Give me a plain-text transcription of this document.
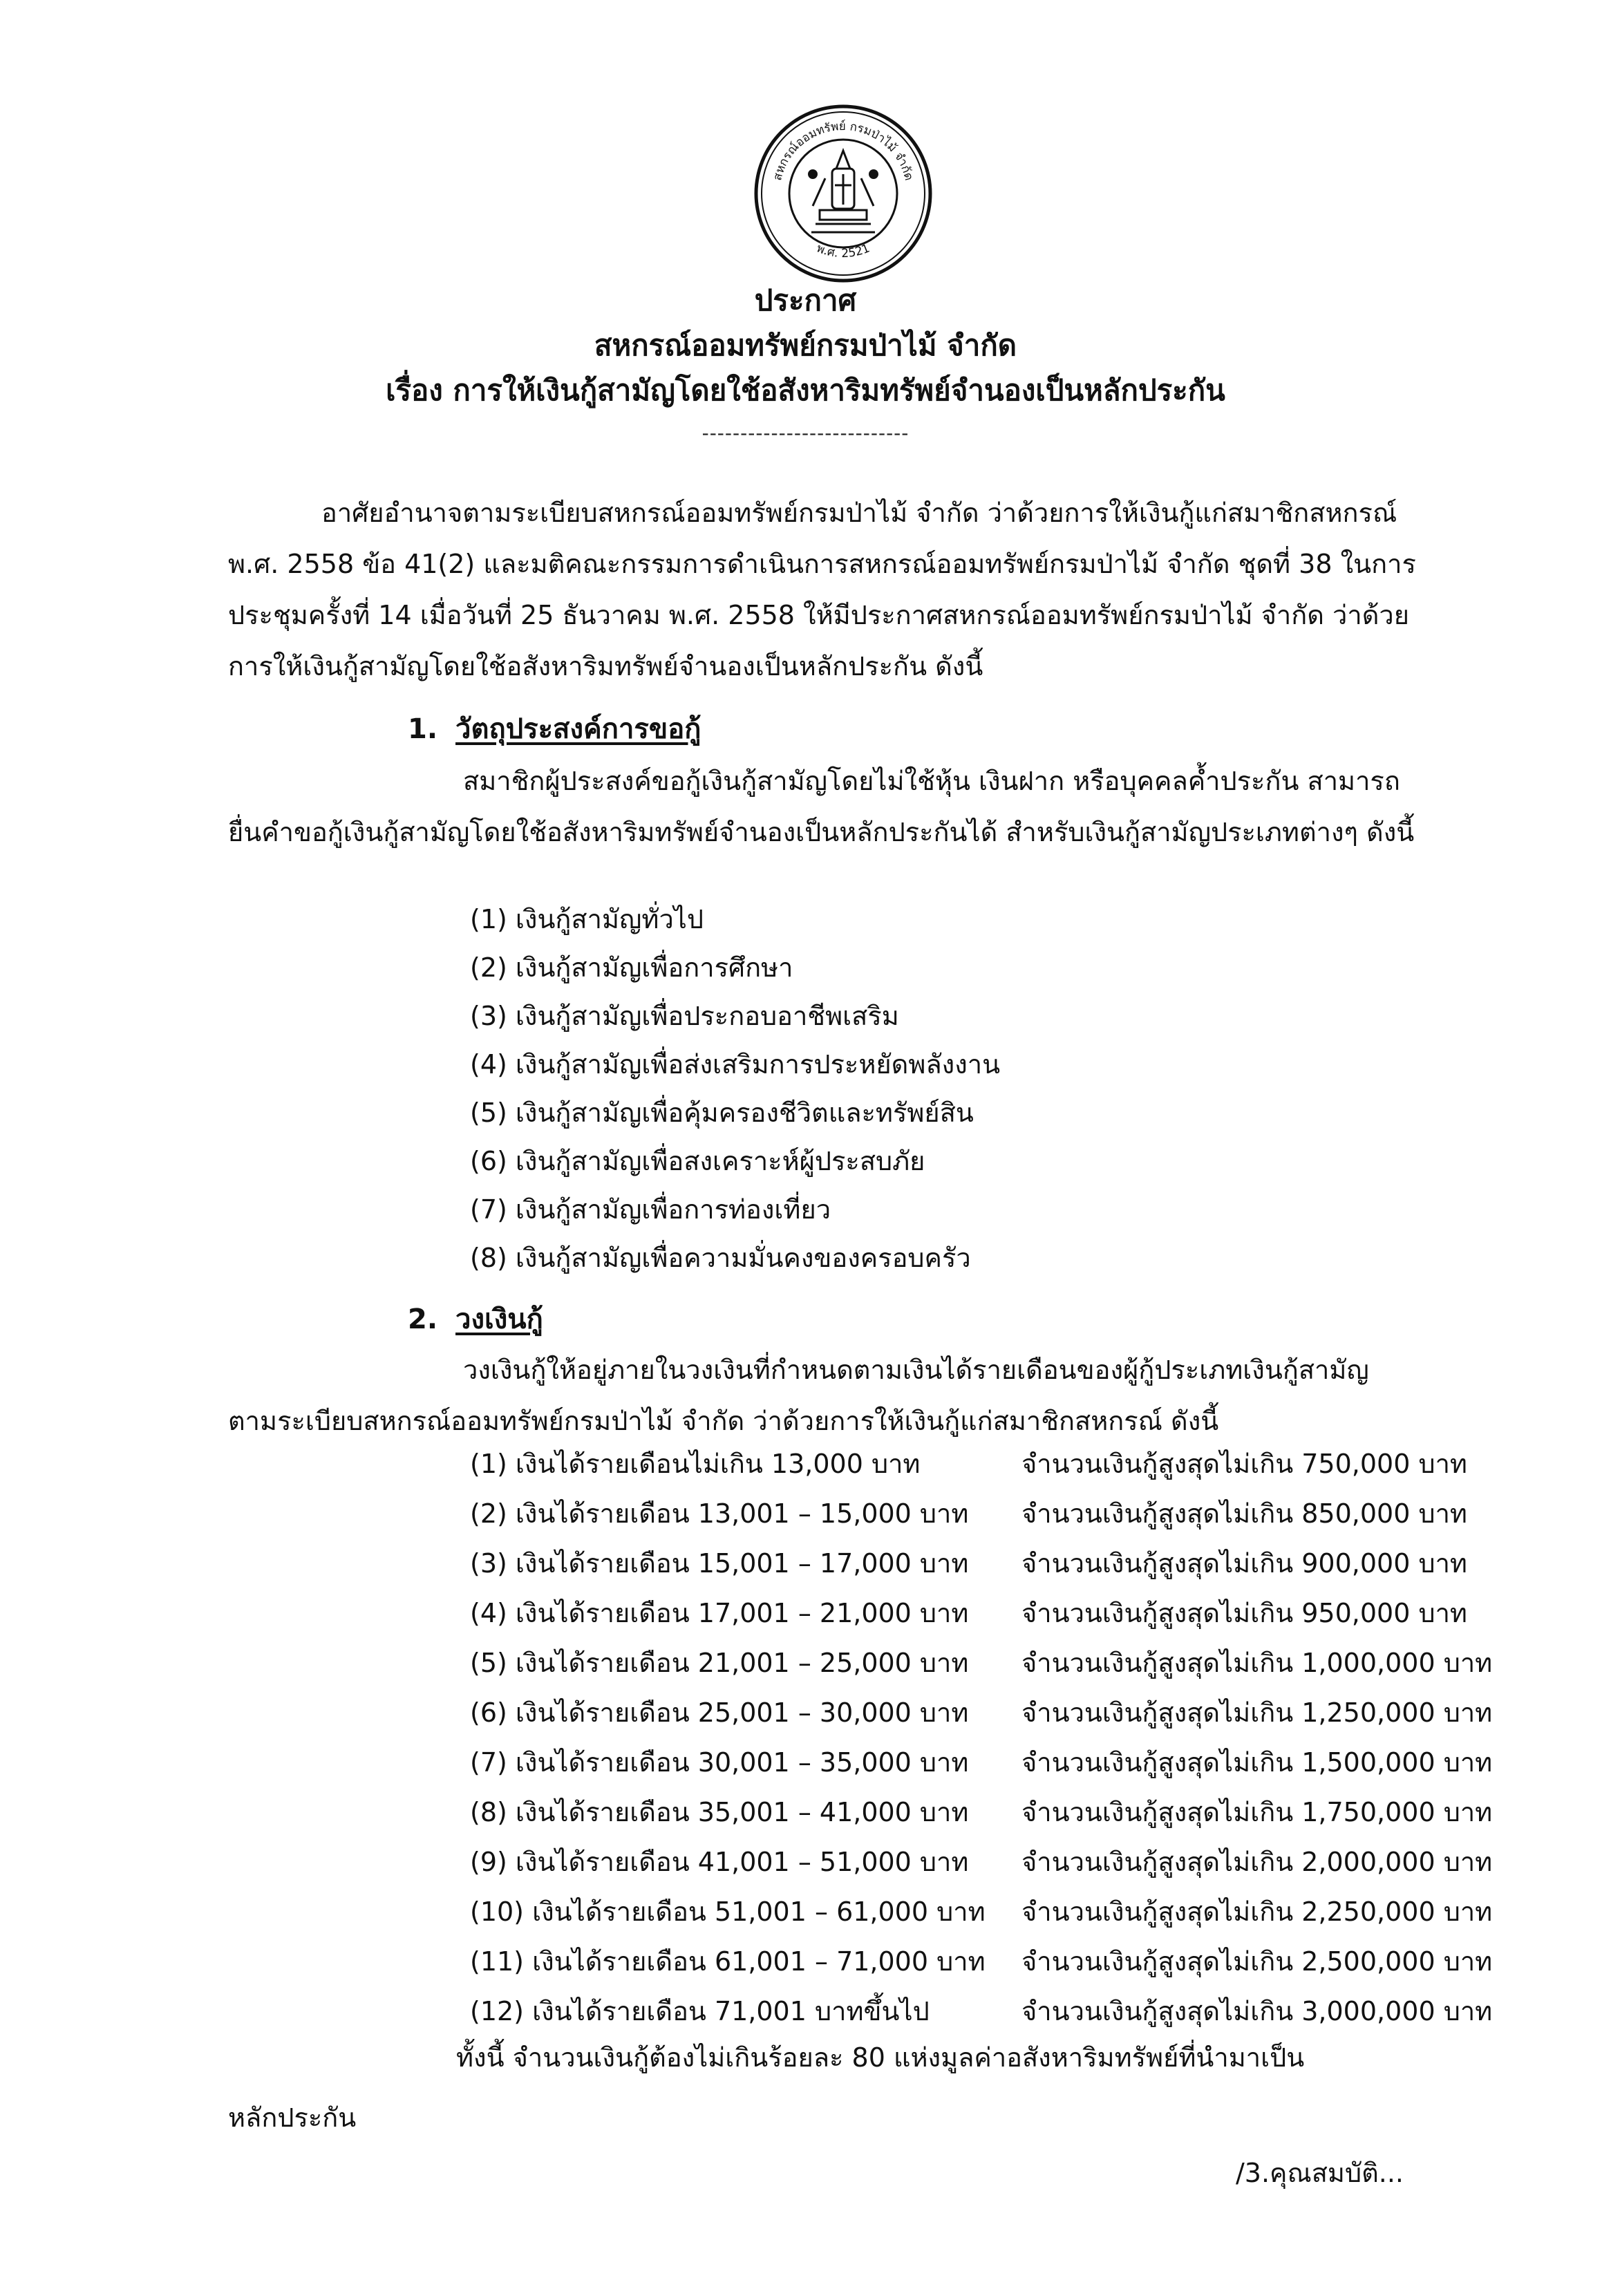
สหกรณ์ออมทรัพย์ กรมป่าไม้ จำกัด
พ.ศ. 2521
ประกาศ
สหกรณ์ออมทรัพย์กรมป่าไม้ จำกัด
เรื่อง การให้เงินกู้สามัญโดยใช้อสังหาริมทรัพย์จำนองเป็นหลักประกัน
---------------------------
อาศัยอำนาจตามระเบียบสหกรณ์ออมทรัพย์กรมป่าไม้ จำกัด ว่าด้วยการให้เงินกู้แก่สมาชิกสหกรณ์ พ.ศ. 2558 ข้อ 41(2) และมติคณะกรรมการดำเนินการสหกรณ์ออมทรัพย์กรมป่าไม้ จำกัด ชุดที่ 38 ในการประชุมครั้งที่ 14 เมื่อวันที่ 25 ธันวาคม พ.ศ. 2558 ให้มีประกาศสหกรณ์ออมทรัพย์กรมป่าไม้ จำกัด ว่าด้วยการให้เงินกู้สามัญโดยใช้อสังหาริมทรัพย์จำนองเป็นหลักประกัน ดังนี้
1. วัตถุประสงค์การขอกู้
สมาชิกผู้ประสงค์ขอกู้เงินกู้สามัญโดยไม่ใช้หุ้น เงินฝาก หรือบุคคลค้ำประกัน สามารถยื่นคำขอกู้เงินกู้สามัญโดยใช้อสังหาริมทรัพย์จำนองเป็นหลักประกันได้ สำหรับเงินกู้สามัญประเภทต่างๆ ดังนี้
(1) เงินกู้สามัญทั่วไป
(2) เงินกู้สามัญเพื่อการศึกษา
(3) เงินกู้สามัญเพื่อประกอบอาชีพเสริม
(4) เงินกู้สามัญเพื่อส่งเสริมการประหยัดพลังงาน
(5) เงินกู้สามัญเพื่อคุ้มครองชีวิตและทรัพย์สิน
(6) เงินกู้สามัญเพื่อสงเคราะห์ผู้ประสบภัย
(7) เงินกู้สามัญเพื่อการท่องเที่ยว
(8) เงินกู้สามัญเพื่อความมั่นคงของครอบครัว
2. วงเงินกู้
วงเงินกู้ให้อยู่ภายในวงเงินที่กำหนดตามเงินได้รายเดือนของผู้กู้ประเภทเงินกู้สามัญตามระเบียบสหกรณ์ออมทรัพย์กรมป่าไม้ จำกัด ว่าด้วยการให้เงินกู้แก่สมาชิกสหกรณ์ ดังนี้
(1) เงินได้รายเดือนไม่เกิน 13,000 บาท	จำนวนเงินกู้สูงสุดไม่เกิน 750,000 บาท
(2) เงินได้รายเดือน 13,001 – 15,000 บาท จำนวนเงินกู้สูงสุดไม่เกิน 850,000 บาท
(3) เงินได้รายเดือน 15,001 – 17,000 บาท จำนวนเงินกู้สูงสุดไม่เกิน 900,000 บาท
(4) เงินได้รายเดือน 17,001 – 21,000 บาท จำนวนเงินกู้สูงสุดไม่เกิน 950,000 บาท
(5) เงินได้รายเดือน 21,001 – 25,000 บาท จำนวนเงินกู้สูงสุดไม่เกิน 1,000,000 บาท
(6) เงินได้รายเดือน 25,001 – 30,000 บาท จำนวนเงินกู้สูงสุดไม่เกิน 1,250,000 บาท
(7) เงินได้รายเดือน 30,001 – 35,000 บาท จำนวนเงินกู้สูงสุดไม่เกิน 1,500,000 บาท
(8) เงินได้รายเดือน 35,001 – 41,000 บาท จำนวนเงินกู้สูงสุดไม่เกิน 1,750,000 บาท
(9) เงินได้รายเดือน 41,001 – 51,000 บาท จำนวนเงินกู้สูงสุดไม่เกิน 2,000,000 บาท
(10) เงินได้รายเดือน 51,001 – 61,000 บาท จำนวนเงินกู้สูงสุดไม่เกิน 2,250,000 บาท
(11) เงินได้รายเดือน 61,001 – 71,000 บาท จำนวนเงินกู้สูงสุดไม่เกิน 2,500,000 บาท
(12) เงินได้รายเดือน 71,001 บาทขึ้นไป	จำนวนเงินกู้สูงสุดไม่เกิน 3,000,000 บาท
ทั้งนี้ จำนวนเงินกู้ต้องไม่เกินร้อยละ 80 แห่งมูลค่าอสังหาริมทรัพย์ที่นำมาเป็น
หลักประกัน
/3.คุณสมบัติ...
